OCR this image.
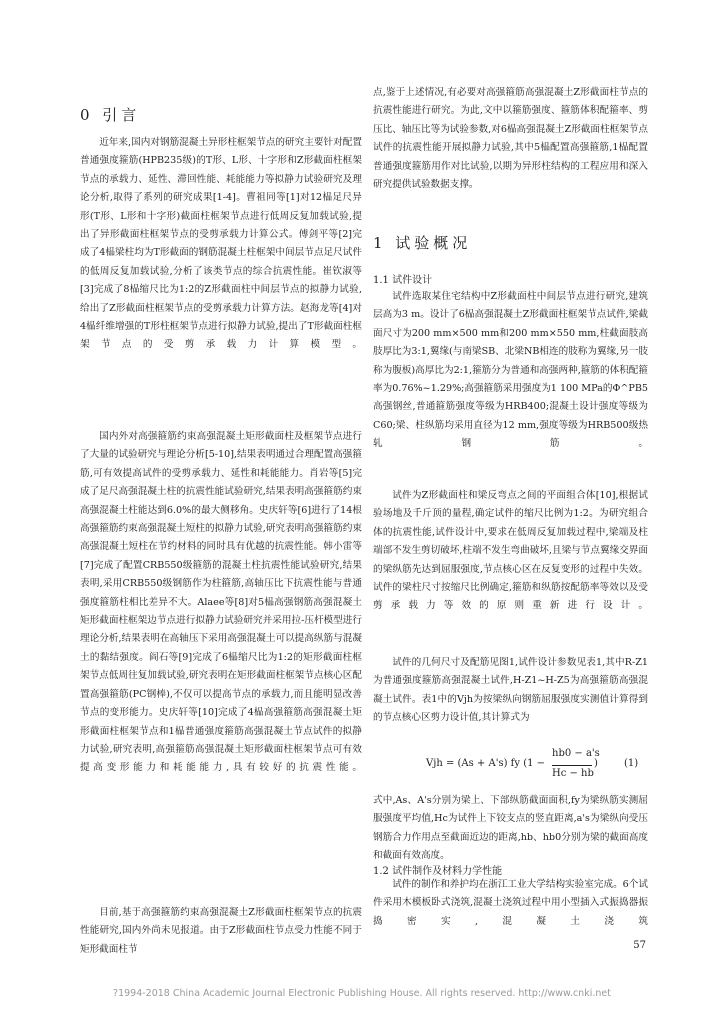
0 引言
近年来,国内对钢筋混凝土异形柱框架节点的研究主要针对配置普通强度箍筋(HPB235级)的T形、L形、十字形和Z形截面柱框架节点的承载力、延性、滞回性能、耗能能力等拟静力试验研究及理论分析,取得了系列的研究成果[1-4]。曹祖同等[1]对12榀足尺异形(T形、L形和十字形)截面柱框架节点进行低周反复加载试验,提出了异形截面柱框架节点的受剪承载力计算公式。傅剑平等[2]完成了4榀梁柱均为T形截面的钢筋混凝土柱框架中间层节点足尺试件的低周反复加载试验,分析了该类节点的综合抗震性能。崔钦淑等[3]完成了8榀缩尺比为1:2的Z形截面柱中间层节点的拟静力试验,给出了Z形截面柱框架节点的受剪承载力计算方法。赵海龙等[4]对4榀纤维增强的T形柱框架节点进行拟静力试验,提出了T形截面柱框架节点的受剪承载力计算模型。
国内外对高强箍筋约束高强混凝土矩形截面柱及框架节点进行了大量的试验研究与理论分析[5-10],结果表明通过合理配置高强箍筋,可有效提高试件的受剪承载力、延性和耗能能力。肖岩等[5]完成了足尺高强混凝土柱的抗震性能试验研究,结果表明高强箍筋约束高强混凝土柱能达到6.0%的最大侧移角。史庆轩等[6]进行了14根高强箍筋约束高强混凝土短柱的拟静力试验,研究表明高强箍筋约束高强混凝土短柱在节约材料的同时具有优越的抗震性能。韩小雷等[7]完成了配置CRB550级箍筋的混凝土柱抗震性能试验研究,结果表明,采用CRB550级钢筋作为柱箍筋,高轴压比下抗震性能与普通强度箍筋柱相比差异不大。Alaee等[8]对5榀高强钢筋高强混凝土矩形截面柱框架边节点进行拟静力试验研究并采用拉-压杆模型进行理论分析,结果表明在高轴压下采用高强混凝土可以提高纵筋与混凝土的黏结强度。阎石等[9]完成了6榀缩尺比为1:2的矩形截面柱框架节点低周往复加载试验,研究表明在矩形截面柱框架节点核心区配置高强箍筋(PC钢棒),不仅可以提高节点的承载力,而且能明显改善节点的变形能力。史庆轩等[10]完成了4榀高强箍筋高强混凝土矩形截面柱框架节点和1榀普通强度箍筋高强混凝土节点试件的拟静力试验,研究表明,高强箍筋高强混凝土矩形截面柱框架节点可有效提高变形能力和耗能能力,具有较好的抗震性能。
目前,基于高强箍筋约束高强混凝土Z形截面柱框架节点的抗震性能研究,国内外尚未见报道。由于Z形截面柱节点受力性能不同于矩形截面柱节
点,鉴于上述情况,有必要对高强箍筋高强混凝土Z形截面柱节点的抗震性能进行研究。为此,文中以箍筋强度、箍筋体积配箍率、剪压比、轴压比等为试验参数,对6榀高强混凝土Z形截面柱框架节点试件的抗震性能开展拟静力试验,其中5榀配置高强箍筋,1榀配置普通强度箍筋用作对比试验,以期为异形柱结构的工程应用和深入研究提供试验数据支撑。
1 试验概况
1.1 试件设计
试件选取某住宅结构中Z形截面柱中间层节点进行研究,建筑层高为3 m。设计了6榀高强混凝土Z形截面柱框架节点试件,梁截面尺寸为200 mm×500 mm和200 mm×550 mm,柱截面肢高肢厚比为3:1,翼缘(与南梁SB、北梁NB相连的肢称为翼缘,另一肢称为腹板)高厚比为2:1,箍筋分为普通和高强两种,箍筋的体积配箍率为0.76%~1.29%;高强箍筋采用强度为1 100 MPa的Φ^PB5高强钢丝,普通箍筋强度等级为HRB400;混凝土设计强度等级为C60;梁、柱纵筋均采用直径为12 mm,强度等级为HRB500级热轧钢筋。
试件为Z形截面柱和梁反弯点之间的平面组合体[10],根据试验场地及千斤顶的量程,确定试件的缩尺比例为1:2。为研究组合体的抗震性能,试件设计中,要求在低周反复加载过程中,梁端及柱端部不发生剪切破坏,柱端不发生弯曲破坏,且梁与节点翼缘交界面的梁纵筋先达到屈服强度,节点核心区在反复变形的过程中失效。试件的梁柱尺寸按缩尺比例确定,箍筋和纵筋按配筋率等效以及受剪承载力等效的原则重新进行设计。
试件的几何尺寸及配筋见图1,试件设计参数见表1,其中R-Z1为普通强度箍筋高强混凝土试件,H-Z1~H-Z5为高强箍筋高强混凝土试件。表1中的Vjh为按梁纵向钢筋屈服强度实测值计算得到的节点核心区剪力设计值,其计算式为
Vjh = (As + A's) fy (1 −
hb0 − a's
Hc − hb
)	(1)
式中,As、A's分别为梁上、下部纵筋截面面积,fy为梁纵筋实测屈服强度平均值,Hc为试件上下铰支点的竖直距离,a's为梁纵向受压钢筋合力作用点至截面近边的距离,hb、hb0分别为梁的截面高度和截面有效高度。
1.2 试件制作及材料力学性能
试件的制作和养护均在浙江工业大学结构实验室完成。6个试件采用木模板卧式浇筑,混凝土浇筑过程中用小型插入式振捣器振捣密实,混凝土浇筑
57
?1994-2018 China Academic Journal Electronic Publishing House. All rights reserved. http://www.cnki.net
